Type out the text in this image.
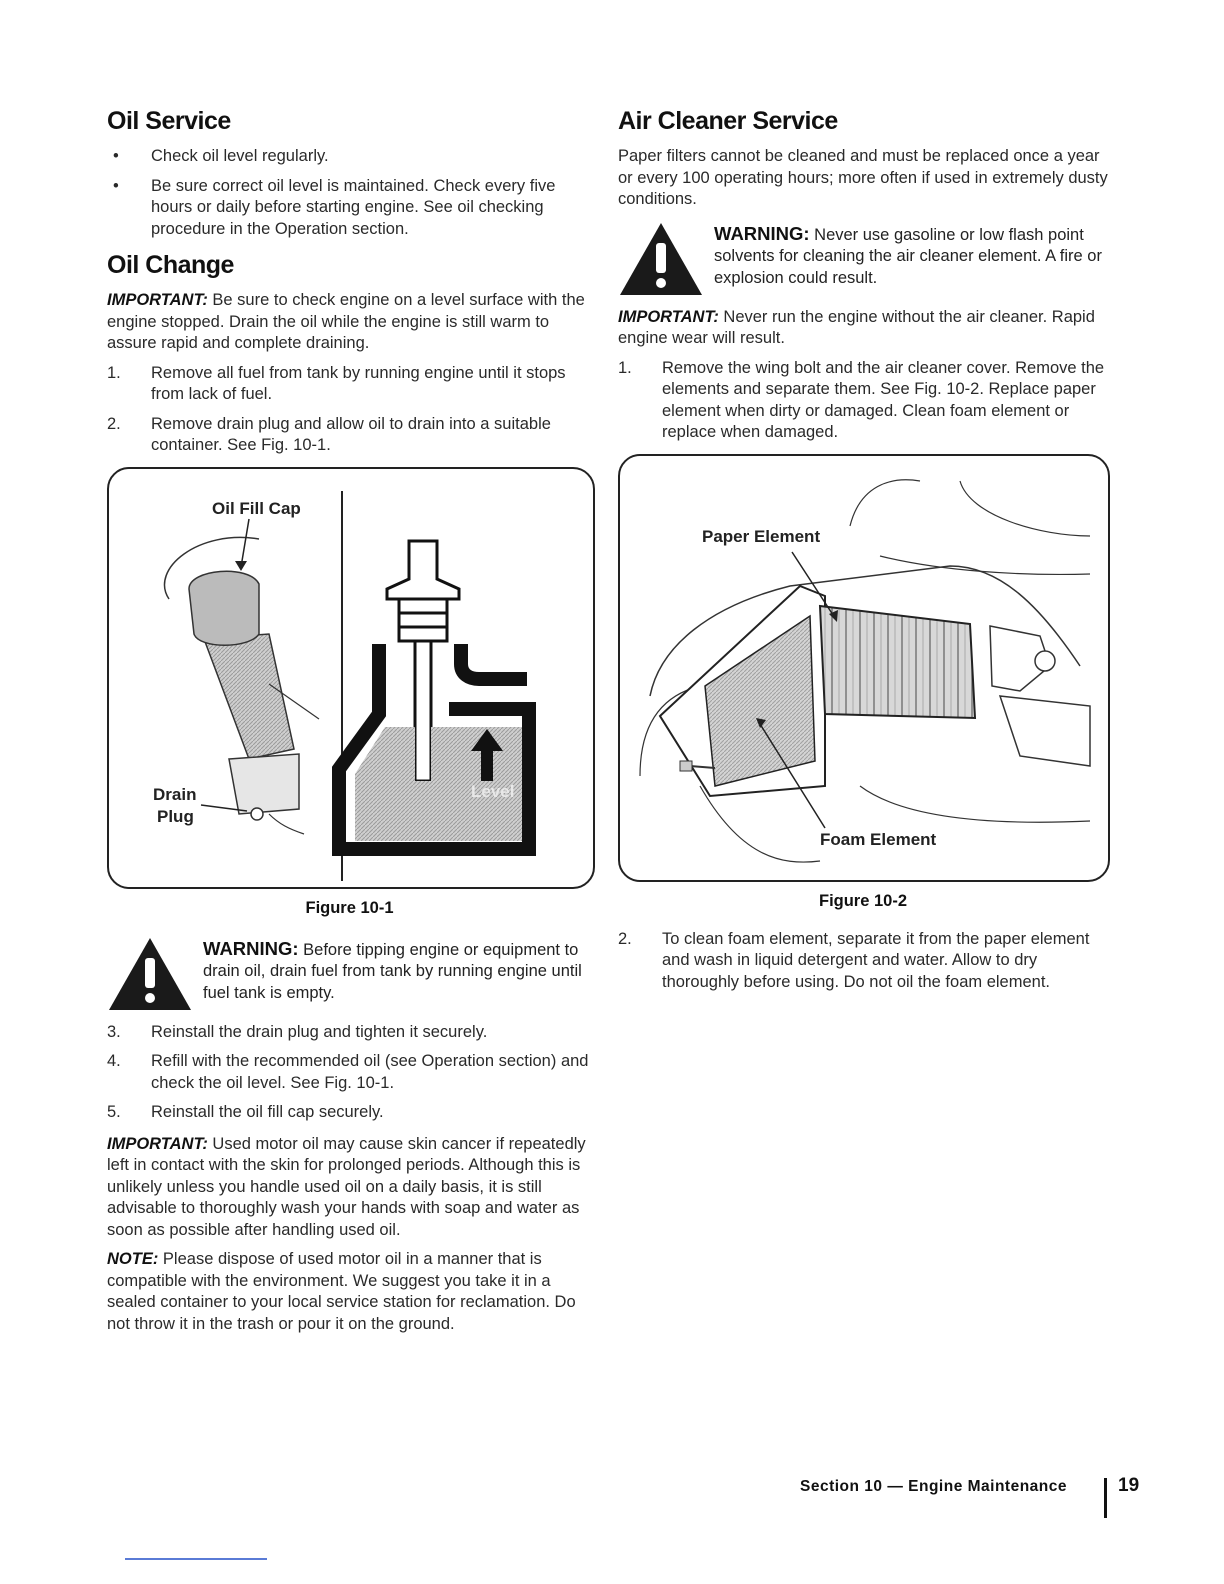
Oil Service
• Check oil level regularly.
• Be sure correct oil level is maintained. Check every five hours or daily before starting engine. See oil checking procedure in the Operation section.
Oil Change

IMPORTANT: Be sure to check engine on a level surface with the engine stopped. Drain the oil while the engine is still warm to assure rapid and complete draining.

1. Remove all fuel from tank by running engine until it stops from lack of fuel.
2. Remove drain plug and allow oil to drain into a suitable container. See Fig. 10-1.
Oil Fill Cap
Drain
Plug
Level
Figure 10-1
WARNING: Before tipping engine or equipment to drain oil, drain fuel from tank by running engine until fuel tank is empty.
3. Reinstall the drain plug and tighten it securely.
4. Refill with the recommended oil (see Operation section) and check the oil level. See Fig. 10-1.
5. Reinstall the oil fill cap securely.

IMPORTANT: Used motor oil may cause skin cancer if repeatedly left in contact with the skin for prolonged periods. Although this is unlikely unless you handle used oil on a daily basis, it is still advisable to thoroughly wash your hands with soap and water as soon as possible after handling used oil.

NOTE: Please dispose of used motor oil in a manner that is compatible with the environment. We suggest you take it in a sealed container to your local service station for reclamation. Do not throw it in the trash or pour it on the ground.

Air Cleaner Service

Paper filters cannot be cleaned and must be replaced once a year or every 100 operating hours; more often if used in extremely dusty conditions.

WARNING: Never use gasoline or low flash point solvents for cleaning the air cleaner element. A fire or explosion could result.

IMPORTANT: Never run the engine without the air cleaner. Rapid engine wear will result.

1. Remove the wing bolt and the air cleaner cover. Remove the elements and separate them. See Fig. 10-2. Replace paper element when dirty or damaged. Clean foam element or replace when damaged.
Paper Element
Foam Element
Figure 10-2
2. To clean foam element, separate it from the paper element and wash in liquid detergent and water. Allow to dry thoroughly before using. Do not oil the foam element.
Section 10 — Engine Maintenance	19
